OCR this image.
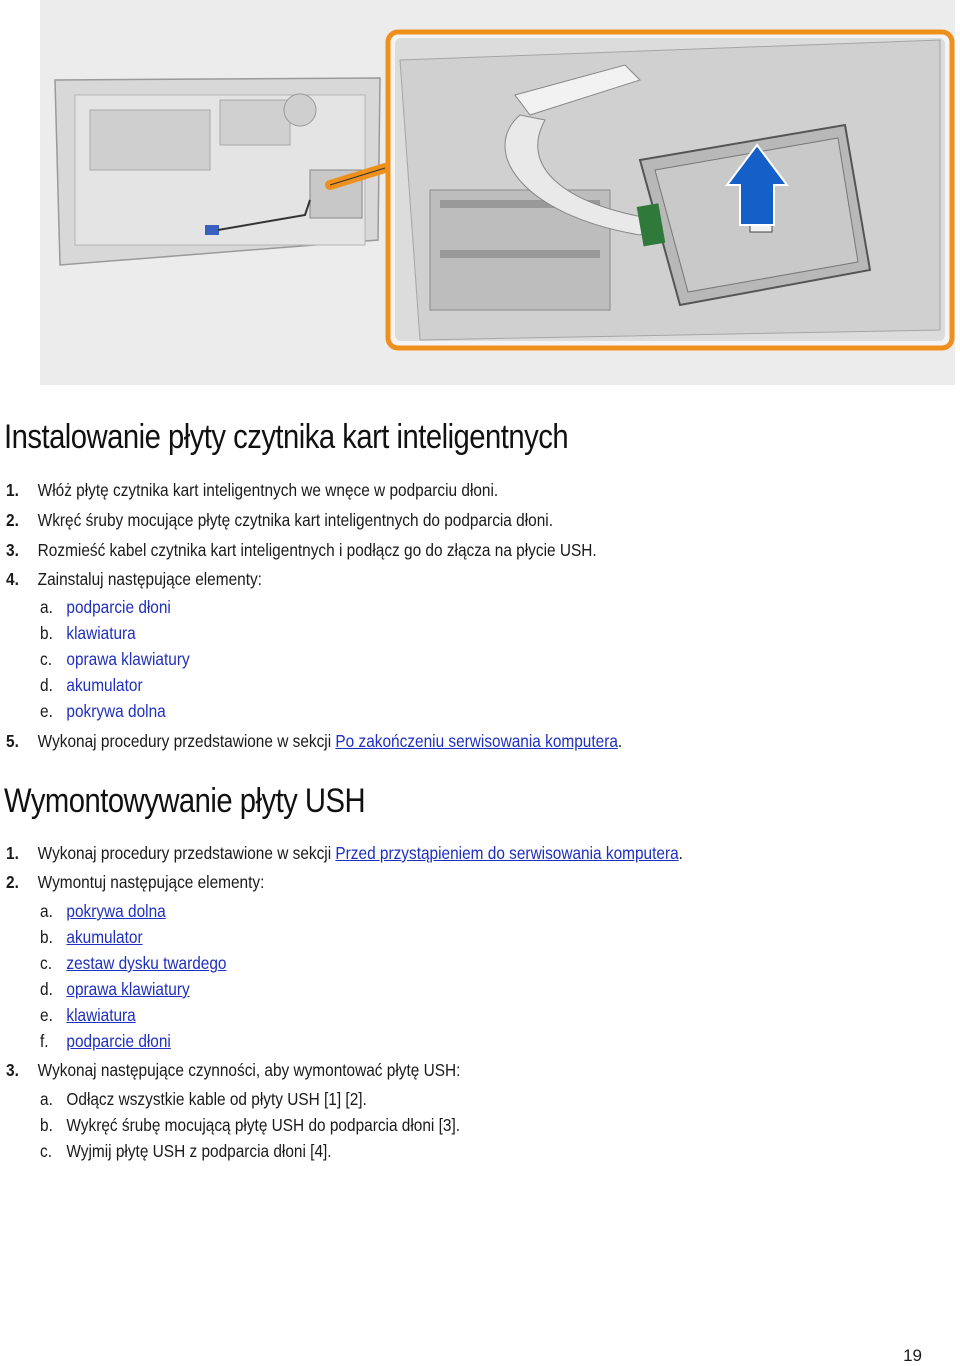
Instalowanie płyty czytnika kart inteligentnych
1. Włóż płytę czytnika kart inteligentnych we wnęce w podparciu dłoni.
2. Wkręć śruby mocujące płytę czytnika kart inteligentnych do podparcia dłoni.
3. Rozmieść kabel czytnika kart inteligentnych i podłącz go do złącza na płycie USH.
4. Zainstaluj następujące elementy:
a. podparcie dłoni
b. klawiatura
c. oprawa klawiatury
d. akumulator
e. pokrywa dolna
5. Wykonaj procedury przedstawione w sekcji Po zakończeniu serwisowania komputera.
Wymontowywanie płyty USH
1. Wykonaj procedury przedstawione w sekcji Przed przystąpieniem do serwisowania komputera.
2. Wymontuj następujące elementy:
a. pokrywa dolna
b. akumulator
c. zestaw dysku twardego
d. oprawa klawiatury
e. klawiatura
f. podparcie dłoni
3. Wykonaj następujące czynności, aby wymontować płytę USH:
a. Odłącz wszystkie kable od płyty USH [1] [2].
b. Wykręć śrubę mocującą płytę USH do podparcia dłoni [3].
c. Wyjmij płytę USH z podparcia dłoni [4].
19
